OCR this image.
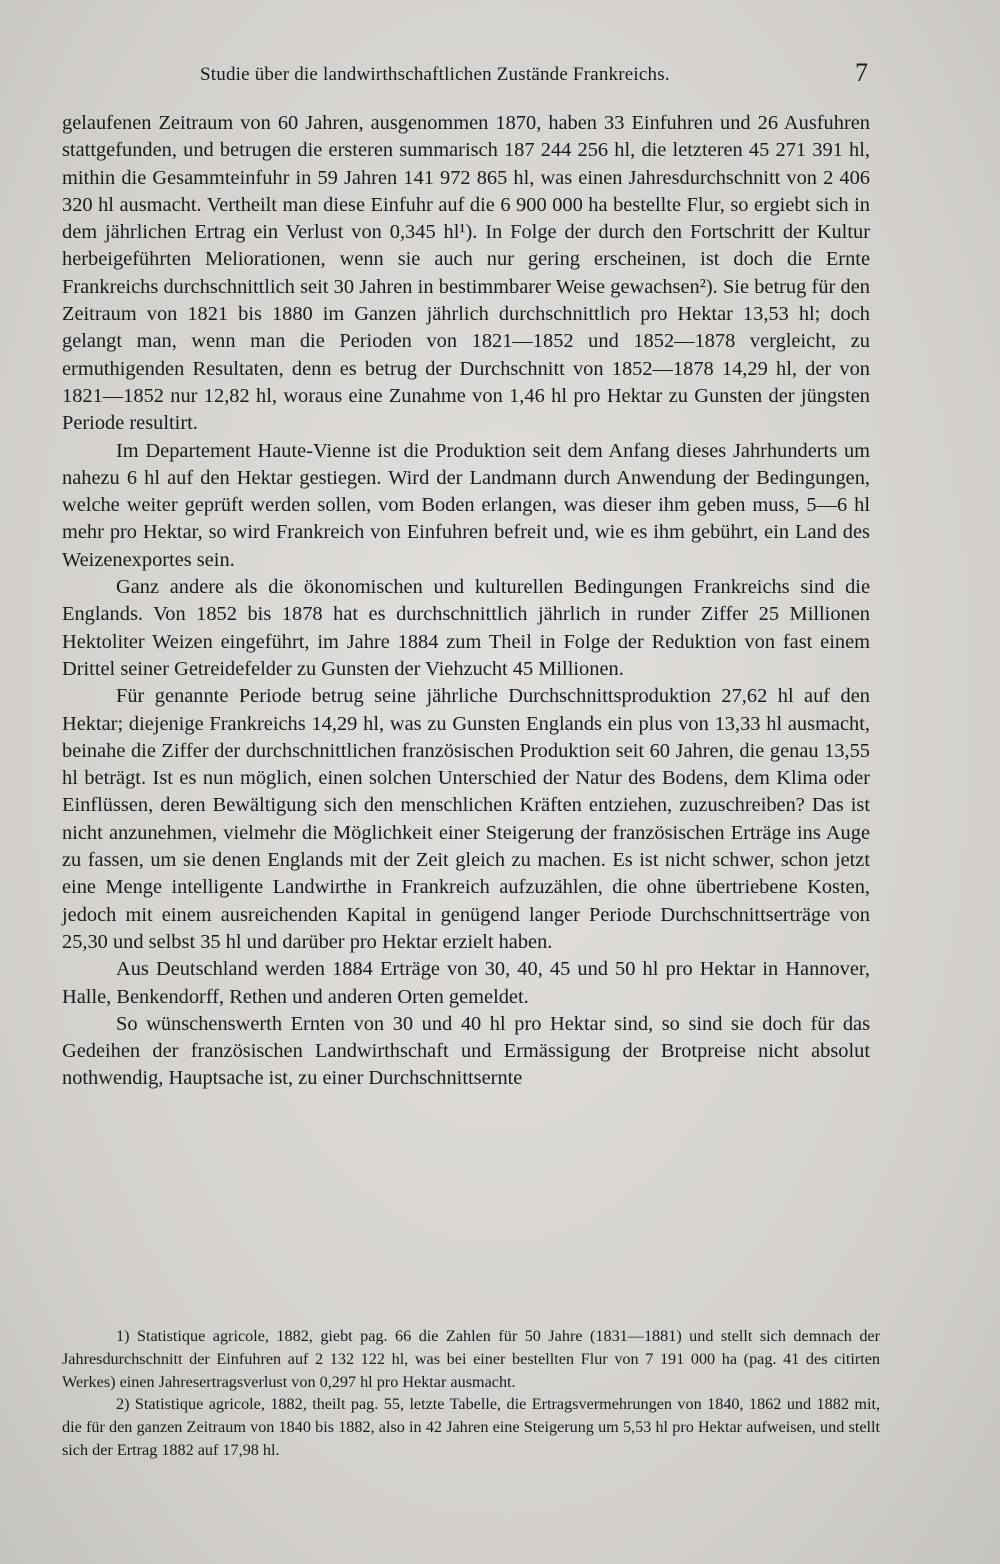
Studie über die landwirthschaftlichen Zustände Frankreichs.	7

gelaufenen Zeitraum von 60 Jahren, ausgenommen 1870, haben 33 Einfuhren und 26 Ausfuhren stattgefunden, und betrugen die ersteren summarisch 187 244 256 hl, die letzteren 45 271 391 hl, mithin die Gesammteinfuhr in 59 Jahren 141 972 865 hl, was einen Jahresdurchschnitt von 2 406 320 hl ausmacht. Vertheilt man diese Einfuhr auf die 6 900 000 ha bestellte Flur, so ergiebt sich in dem jährlichen Ertrag ein Verlust von 0,345 hl¹). In Folge der durch den Fortschritt der Kultur herbeigeführten Meliorationen, wenn sie auch nur gering erscheinen, ist doch die Ernte Frankreichs durchschnittlich seit 30 Jahren in bestimmbarer Weise gewachsen²). Sie betrug für den Zeitraum von 1821 bis 1880 im Ganzen jährlich durchschnittlich pro Hektar 13,53 hl; doch gelangt man, wenn man die Perioden von 1821—1852 und 1852—1878 vergleicht, zu ermuthigenden Resultaten, denn es betrug der Durchschnitt von 1852—1878 14,29 hl, der von 1821—1852 nur 12,82 hl, woraus eine Zunahme von 1,46 hl pro Hektar zu Gunsten der jüngsten Periode resultirt.

Im Departement Haute-Vienne ist die Produktion seit dem Anfang dieses Jahrhunderts um nahezu 6 hl auf den Hektar gestiegen. Wird der Landmann durch Anwendung der Bedingungen, welche weiter geprüft werden sollen, vom Boden erlangen, was dieser ihm geben muss, 5—6 hl mehr pro Hektar, so wird Frankreich von Einfuhren befreit und, wie es ihm gebührt, ein Land des Weizenexportes sein.

Ganz andere als die ökonomischen und kulturellen Bedingungen Frankreichs sind die Englands. Von 1852 bis 1878 hat es durchschnittlich jährlich in runder Ziffer 25 Millionen Hektoliter Weizen eingeführt, im Jahre 1884 zum Theil in Folge der Reduktion von fast einem Drittel seiner Getreidefelder zu Gunsten der Viehzucht 45 Millionen.

Für genannte Periode betrug seine jährliche Durchschnittsproduktion 27,62 hl auf den Hektar; diejenige Frankreichs 14,29 hl, was zu Gunsten Englands ein plus von 13,33 hl ausmacht, beinahe die Ziffer der durchschnittlichen französischen Produktion seit 60 Jahren, die genau 13,55 hl beträgt. Ist es nun möglich, einen solchen Unterschied der Natur des Bodens, dem Klima oder Einflüssen, deren Bewältigung sich den menschlichen Kräften entziehen, zuzuschreiben? Das ist nicht anzunehmen, vielmehr die Möglichkeit einer Steigerung der französischen Erträge ins Auge zu fassen, um sie denen Englands mit der Zeit gleich zu machen. Es ist nicht schwer, schon jetzt eine Menge intelligente Landwirthe in Frankreich aufzuzählen, die ohne übertriebene Kosten, jedoch mit einem ausreichenden Kapital in genügend langer Periode Durchschnittserträge von 25,30 und selbst 35 hl und darüber pro Hektar erzielt haben.

Aus Deutschland werden 1884 Erträge von 30, 40, 45 und 50 hl pro Hektar in Hannover, Halle, Benkendorff, Rethen und anderen Orten gemeldet.

So wünschenswerth Ernten von 30 und 40 hl pro Hektar sind, so sind sie doch für das Gedeihen der französischen Landwirthschaft und Ermässigung der Brotpreise nicht absolut nothwendig, Hauptsache ist, zu einer Durchschnittsernte

1) Statistique agricole, 1882, giebt pag. 66 die Zahlen für 50 Jahre (1831—1881) und stellt sich demnach der Jahresdurchschnitt der Einfuhren auf 2 132 122 hl, was bei einer bestellten Flur von 7 191 000 ha (pag. 41 des citirten Werkes) einen Jahresertragsverlust von 0,297 hl pro Hektar ausmacht.

2) Statistique agricole, 1882, theilt pag. 55, letzte Tabelle, die Ertragsvermehrungen von 1840, 1862 und 1882 mit, die für den ganzen Zeitraum von 1840 bis 1882, also in 42 Jahren eine Steigerung um 5,53 hl pro Hektar aufweisen, und stellt sich der Ertrag 1882 auf 17,98 hl.
